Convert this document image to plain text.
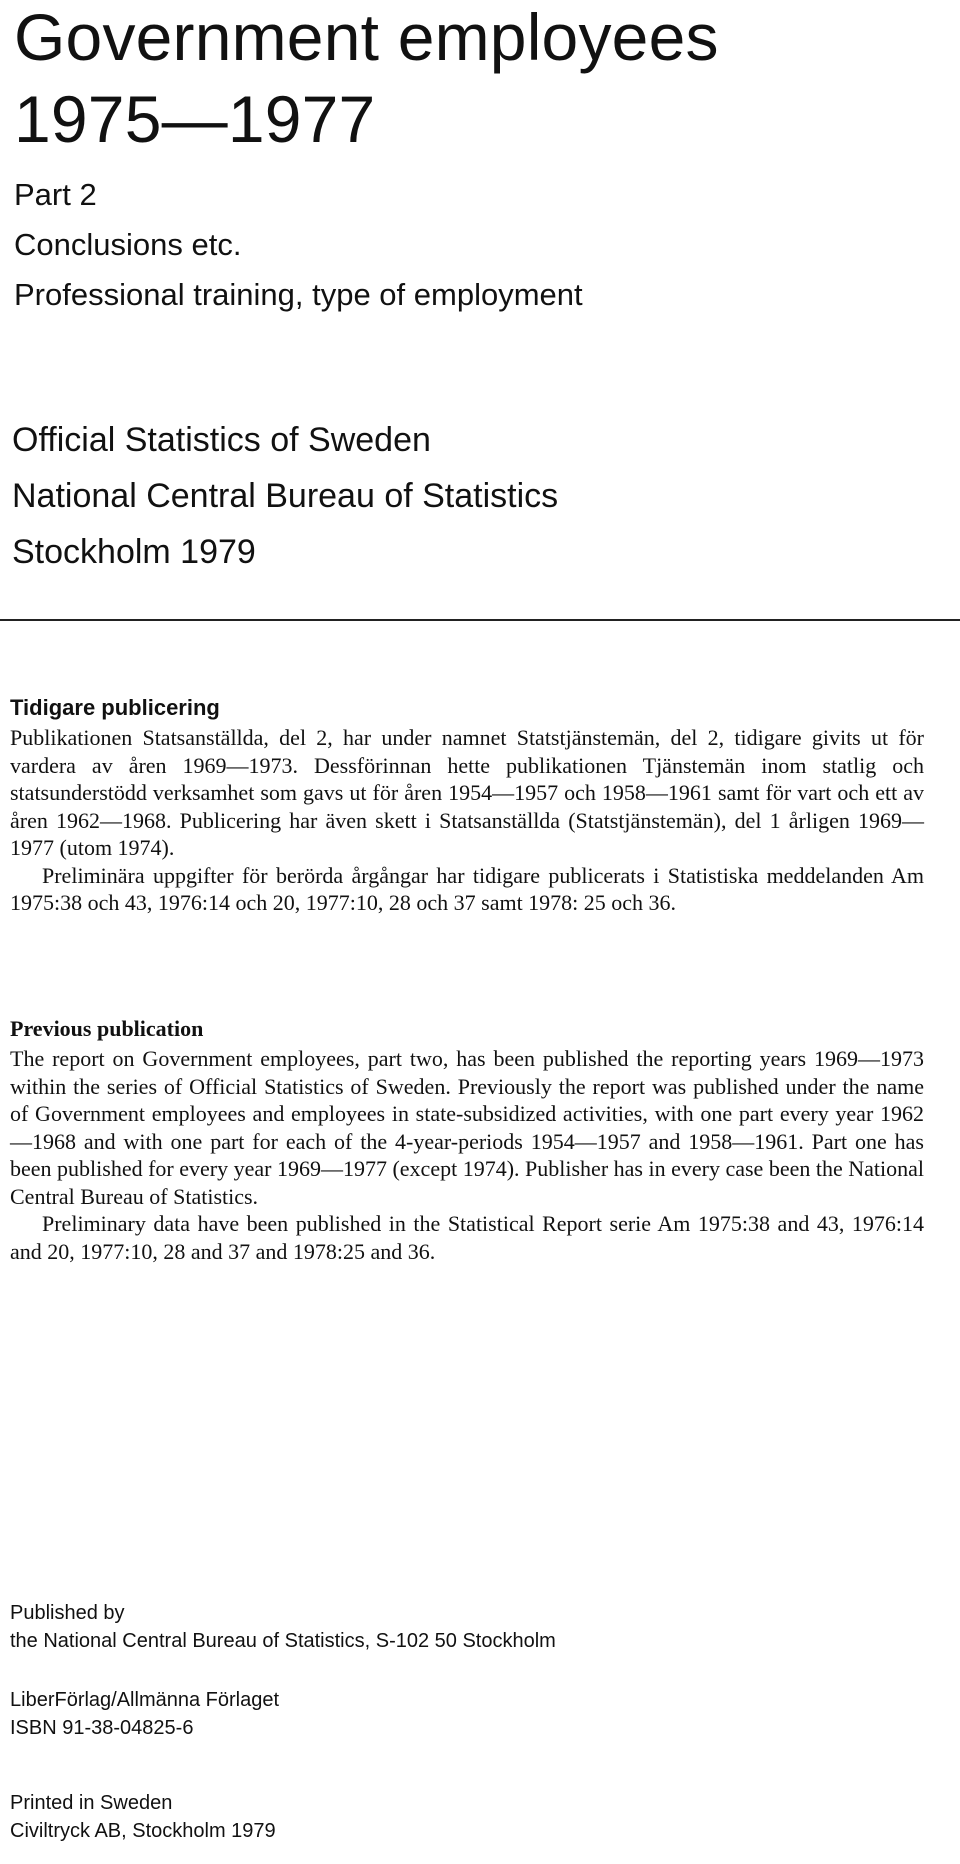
Government employees
1975—1977
Part 2
Conclusions etc.
Professional training, type of employment
Official Statistics of Sweden
National Central Bureau of Statistics
Stockholm 1979

Tidigare publicering

Publikationen Statsanställda, del 2, har under namnet Statstjänstemän, del 2, tidigare givits ut för vardera av åren 1969—1973. Dessförinnan hette publikationen Tjänstemän inom statlig och statsunderstödd verksamhet som gavs ut för åren 1954—1957 och 1958—1961 samt för vart och ett av åren 1962—1968. Publicering har även skett i Statsanställda (Statstjänstemän), del 1 årligen 1969—1977 (utom 1974).

Preliminära uppgifter för berörda årgångar har tidigare publicerats i Statistiska meddelanden Am 1975:38 och 43, 1976:14 och 20, 1977:10, 28 och 37 samt 1978: 25 och 36.

Previous publication

The report on Government employees, part two, has been published the reporting years 1969—1973 within the series of Official Statistics of Sweden. Previously the report was published under the name of Government employees and employees in state-subsidized activities, with one part every year 1962—1968 and with one part for each of the 4-year-periods 1954—1957 and 1958—1961. Part one has been published for every year 1969—1977 (except 1974). Publisher has in every case been the National Central Bureau of Statistics.

Preliminary data have been published in the Statistical Report serie Am 1975:38 and 43, 1976:14 and 20, 1977:10, 28 and 37 and 1978:25 and 36.

Published by

the National Central Bureau of Statistics, S-102 50 Stockholm

LiberFörlag/Allmänna Förlaget

ISBN 91-38-04825-6

Printed in Sweden

Civiltryck AB, Stockholm 1979
